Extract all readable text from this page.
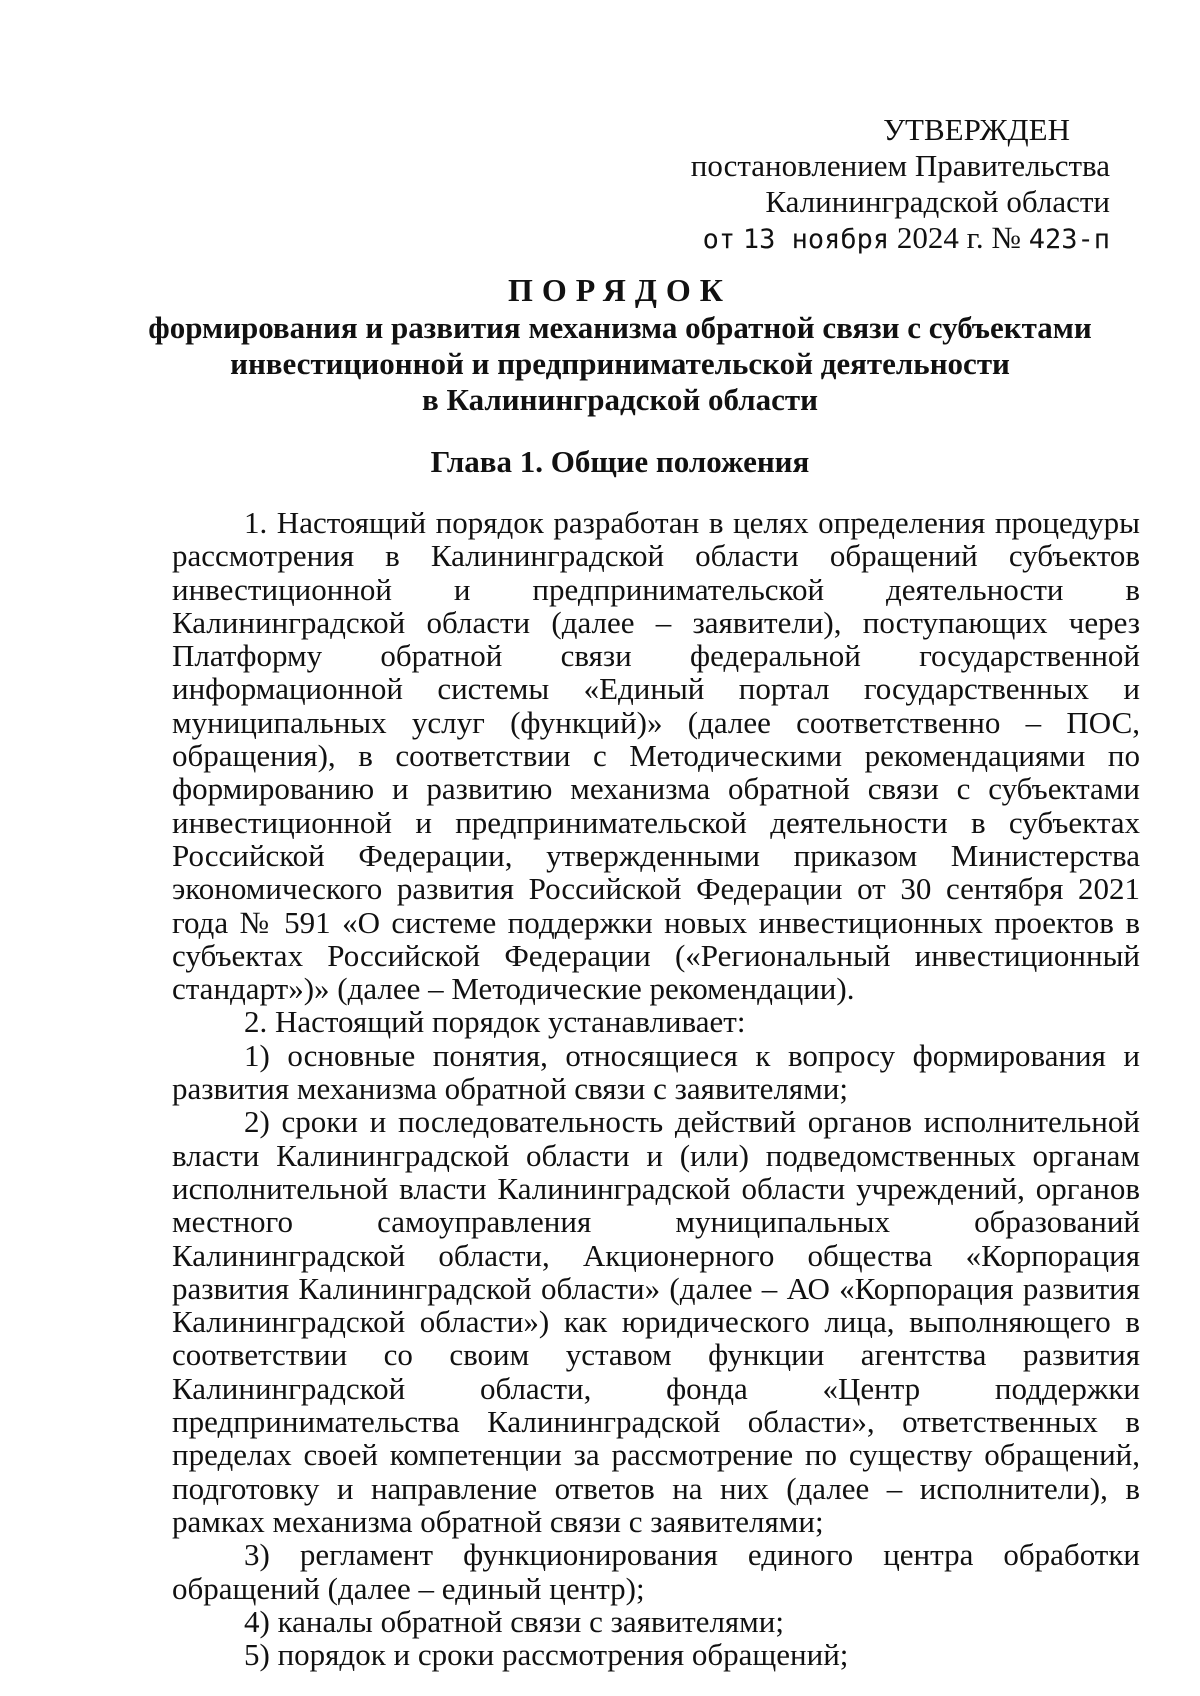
УТВЕРЖДЕН
постановлением Правительства
Калининградской области
от 13 ноября 2024 г. № 423-п
ПОРЯДОК
формирования и развития механизма обратной связи с субъектами
инвестиционной и предпринимательской деятельности
в Калининградской области
Глава 1. Общие положения

1. Настоящий порядок разработан в целях определения процедуры рассмотрения в Калининградской области обращений субъектов инвестиционной и предпринимательской деятельности в Калининградской области (далее – заявители), поступающих через Платформу обратной связи федеральной государственной информационной системы «Единый портал государственных и муниципальных услуг (функций)» (далее соответственно – ПОС, обращения), в соответствии с Методическими рекомендациями по формированию и развитию механизма обратной связи с субъектами инвестиционной и предпринимательской деятельности в субъектах Российской Федерации, утвержденными приказом Министерства экономического развития Российской Федерации от 30 сентября 2021 года № 591 «О системе поддержки новых инвестиционных проектов в субъектах Российской Федерации («Региональный инвестиционный стандарт»)» (далее – Методические рекомендации).

2. Настоящий порядок устанавливает:

1) основные понятия, относящиеся к вопросу формирования и развития механизма обратной связи с заявителями;

2) сроки и последовательность действий органов исполнительной власти Калининградской области и (или) подведомственных органам исполнительной власти Калининградской области учреждений, органов местного самоуправления муниципальных образований Калининградской области, Акционерного общества «Корпорация развития Калининградской области» (далее – АО «Корпорация развития Калининградской области») как юридического лица, выполняющего в соответствии со своим уставом функции агентства развития Калининградской области, фонда «Центр поддержки предпринимательства Калининградской области», ответственных в пределах своей компетенции за рассмотрение по существу обращений, подготовку и направление ответов на них (далее – исполнители), в рамках механизма обратной связи с заявителями;

3) регламент функционирования единого центра обработки обращений (далее – единый центр);

4) каналы обратной связи с заявителями;

5) порядок и сроки рассмотрения обращений;
